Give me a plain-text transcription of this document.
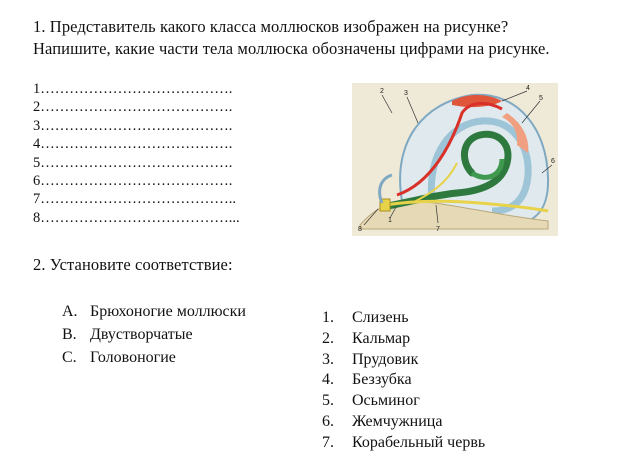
1. Представитель какого класса моллюсков изображен на рисунке?
Напишите, какие части тела моллюска обозначены цифрами на рисунке.
1………………………………….
2………………………………….
3………………………………….
4………………………………….
5………………………………….
6………………………………….
7…………………………………..
8…………………………………...	1
2	3
4
5
6
7
8
2. Установите соответствие:
A. Брюхоногие моллюски
B. Двустворчатые
C. Головоногие
1. Слизень
2. Кальмар
3. Прудовик
4. Беззубка
5. Осьминог
6. Жемчужница
7. Корабельный червь
